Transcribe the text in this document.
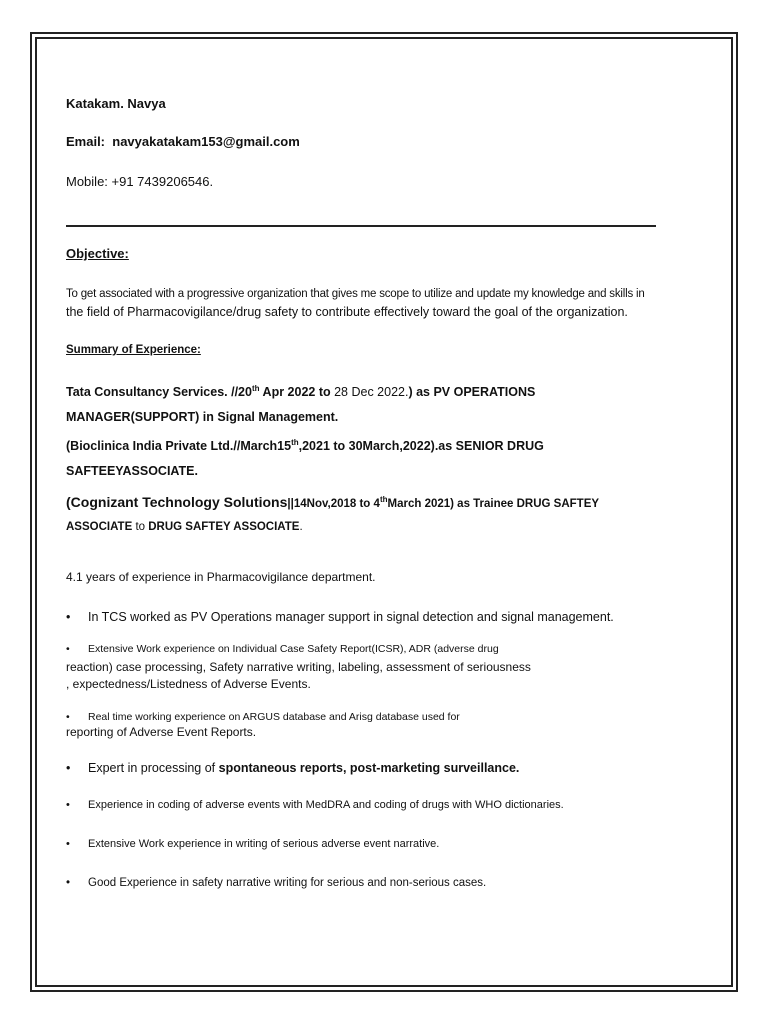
Katakam. Navya
Email: navyakatakam153@gmail.com
Mobile: +91 7439206546.
Objective:
To get associated with a progressive organization that gives me scope to utilize and update my knowledge and skills in
the field of Pharmacovigilance/drug safety to contribute effectively toward the goal of the organization.
Summary of Experience:
Tata Consultancy Services. //20th Apr 2022 to 28 Dec 2022.) as PV OPERATIONS
MANAGER(SUPPORT) in Signal Management.
(Bioclinica India Private Ltd.//March15th,2021 to 30March,2022).as SENIOR DRUG
SAFTEEYASSOCIATE.
(Cognizant Technology Solutions||14Nov,2018 to 4thMarch 2021) as Trainee DRUG SAFTEY
ASSOCIATE to DRUG SAFTEY ASSOCIATE.
4.1 years of experience in Pharmacovigilance department.
• In TCS worked as PV Operations manager support in signal detection and signal management.
• Extensive Work experience on Individual Case Safety Report(ICSR), ADR (adverse drug
reaction) case processing, Safety narrative writing, labeling, assessment of seriousness
, expectedness/Listedness of Adverse Events.
• Real time working experience on ARGUS database and Arisg database used for
reporting of Adverse Event Reports.
• Expert in processing of spontaneous reports, post-marketing surveillance.
• Experience in coding of adverse events with MedDRA and coding of drugs with WHO dictionaries.
• Extensive Work experience in writing of serious adverse event narrative.
• Good Experience in safety narrative writing for serious and non-serious cases.
